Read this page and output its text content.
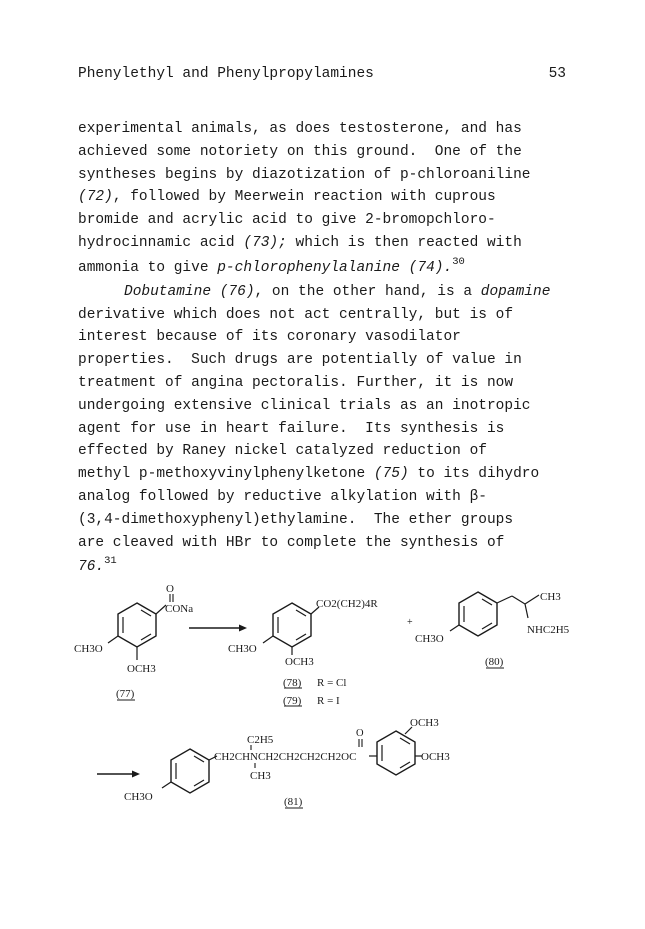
Phenylethyl and Phenylpropylamines	53
experimental animals, as does testosterone, and has
achieved some notoriety on this ground.  One of the
syntheses begins by diazotization of p-chloroaniline
(72), followed by Meerwein reaction with cuprous
bromide and acrylic acid to give 2-bromopchloro-
hydrocinnamic acid (73); which is then reacted with
ammonia to give p-chlorophenylalanine (74).$^{30}$
Dobutamine (76), on the other hand, is a dopamine
derivative which does not act centrally, but is of
interest because of its coronary vasodilator
properties.  Such drugs are potentially of value in
treatment of angina pectoralis. Further, it is now
undergoing extensive clinical trials as an inotropic
agent for use in heart failure.  Its synthesis is
effected by Raney nickel catalyzed reduction of
methyl p-methoxyvinylphenylketone (75) to its dihydro
analog followed by reductive alkylation with β-
(3,4-dimethoxyphenyl)ethylamine.  The ether groups
are cleaved with HBr to complete the synthesis of
76.31
O
CONa
CH3O
OCH3
(77)
CO2(CH2)4R
CH3O
OCH3
(78) R = Cl
(79) R = I
+
CH3
NHC2H5
CH3O
(80)
CH2CHNCH2CH2CH2CH2OC
C2H5
CH3
O
OCH3
OCH3
CH3O	(81)
